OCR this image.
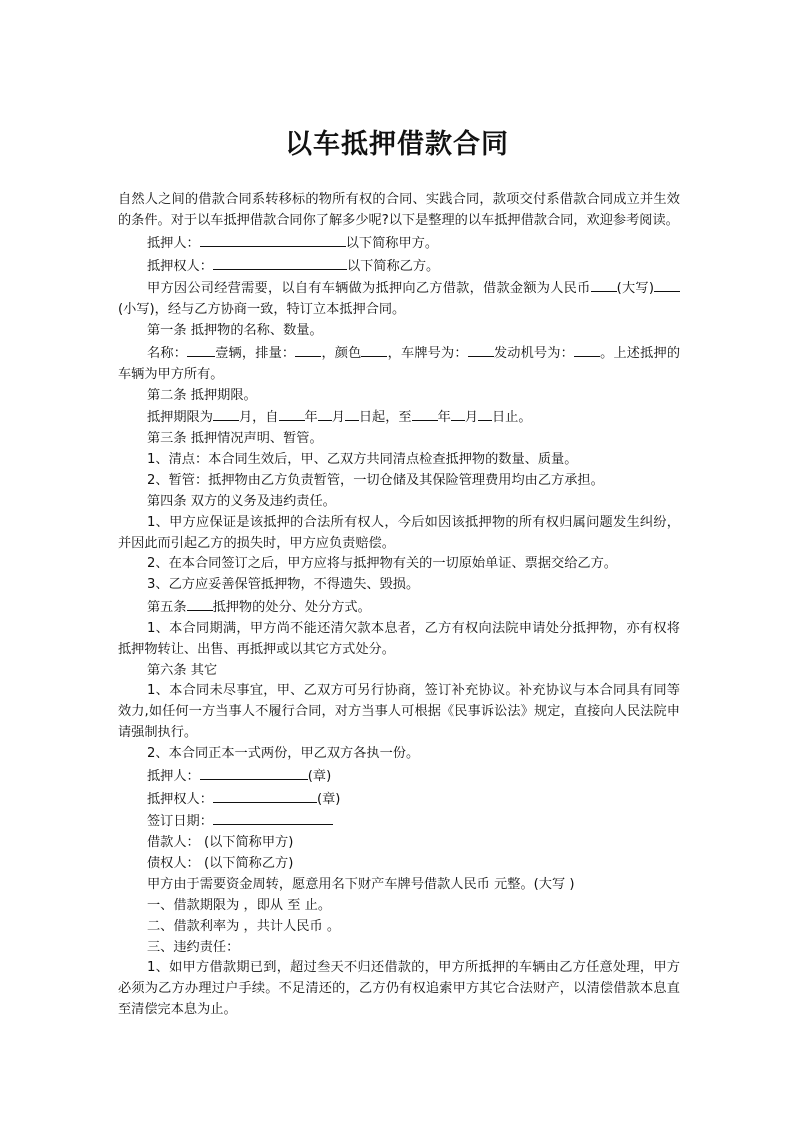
以车抵押借款合同

自然人之间的借款合同系转移标的物所有权的合同、实践合同，款项交付系借款合同成立并生效的条件。对于以车抵押借款合同你了解多少呢?以下是整理的以车抵押借款合同，欢迎参考阅读。

抵押人：	以下简称甲方。

抵押权人：	以下简称乙方。

甲方因公司经营需要，以自有车辆做为抵押向乙方借款，借款金额为人民币 (大写)(小写)，经与乙方协商一致，特订立本抵押合同。

第一条 抵押物的名称、数量。

名称： 壹辆，排量： ，颜色 ，车牌号为： 发动机号为： 。上述抵押的车辆为甲方所有。

第二条 抵押期限。

抵押期限为 月，自 年 月 日起，至 年 月 日止。

第三条 抵押情况声明、暂管。

1、清点：本合同生效后，甲、乙双方共同清点检查抵押物的数量、质量。

2、暂管：抵押物由乙方负责暂管，一切仓储及其保险管理费用均由乙方承担。

第四条 双方的义务及违约责任。

1、甲方应保证是该抵押的合法所有权人，今后如因该抵押物的所有权归属问题发生纠纷，并因此而引起乙方的损失时，甲方应负责赔偿。

2、在本合同签订之后，甲方应将与抵押物有关的一切原始单证、票据交给乙方。

3、乙方应妥善保管抵押物，不得遗失、毁损。

第五条 抵押物的处分、处分方式。

1、本合同期满，甲方尚不能还清欠款本息者，乙方有权向法院申请处分抵押物，亦有权将抵押物转让、出售、再抵押或以其它方式处分。

第六条 其它

1、本合同未尽事宜，甲、乙双方可另行协商，签订补充协议。补充协议与本合同具有同等效力,如任何一方当事人不履行合同，对方当事人可根据《民事诉讼法》规定，直接向人民法院申请强制执行。

2、本合同正本一式两份，甲乙双方各执一份。

抵押人：	(章)

抵押权人：	(章)

签订日期：

借款人： (以下简称甲方)

债权人： (以下简称乙方)

甲方由于需要资金周转，愿意用名下财产车牌号借款人民币 元整。(大写 )

一、借款期限为 ，即从 至 止。

二、借款利率为 ，共计人民币 。

三、违约责任：

1、如甲方借款期已到，超过叁天不归还借款的，甲方所抵押的车辆由乙方任意处理，甲方必须为乙方办理过户手续。不足清还的，乙方仍有权追索甲方其它合法财产，以清偿借款本息直至清偿完本息为止。
